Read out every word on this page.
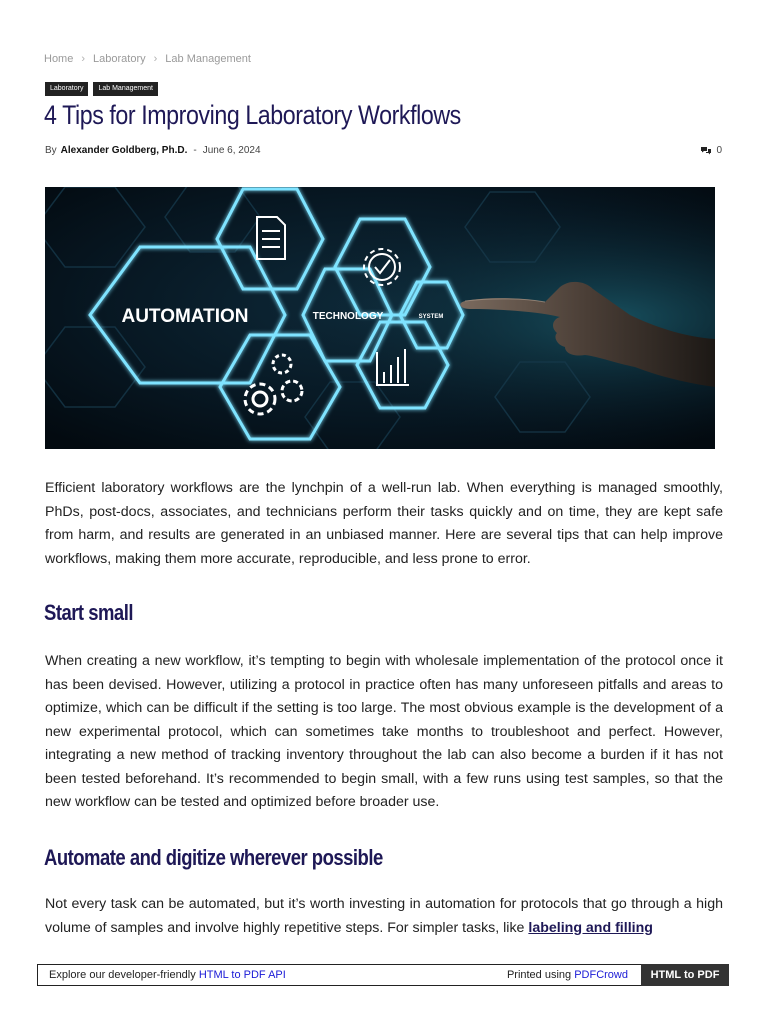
Home › Laboratory › Lab Management
Laboratory	Lab Management
4 Tips for Improving Laboratory Workflows
By Alexander Goldberg, Ph.D. - June 6, 2024	0
AUTOMATION	TECHNOLOGY	SYSTEM

Efficient laboratory workflows are the lynchpin of a well-run lab. When everything is managed smoothly, PhDs, post-docs, associates, and technicians perform their tasks quickly and on time, they are kept safe from harm, and results are generated in an unbiased manner. Here are several tips that can help improve workflows, making them more accurate, reproducible, and less prone to error.

Start small

When creating a new workflow, it’s tempting to begin with wholesale implementation of the protocol once it has been devised. However, utilizing a protocol in practice often has many unforeseen pitfalls and areas to optimize, which can be difficult if the setting is too large. The most obvious example is the development of a new experimental protocol, which can sometimes take months to troubleshoot and perfect. However, integrating a new method of tracking inventory throughout the lab can also become a burden if it has not been tested beforehand. It’s recommended to begin small, with a few runs using test samples, so that the new workflow can be tested and optimized before broader use.

Automate and digitize wherever possible

Not every task can be automated, but it’s worth investing in automation for protocols that go through a high volume of samples and involve highly repetitive steps. For simpler tasks, like labeling and filling

Explore our developer-friendly HTML to PDF API	Printed using PDFCrowd	HTML to PDF
